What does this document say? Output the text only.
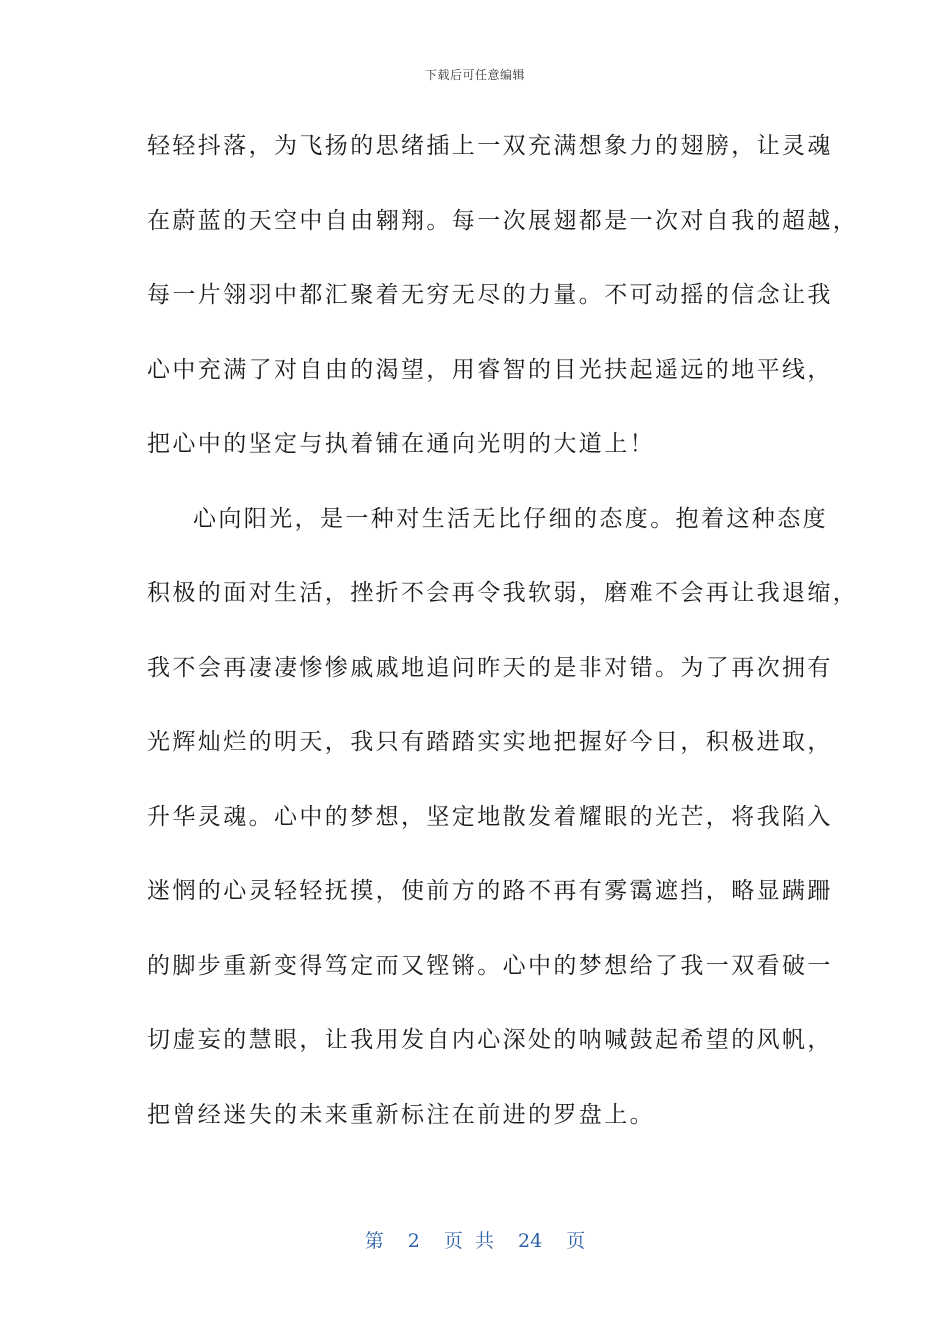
下载后可任意编辑
轻轻抖落，为飞扬的思绪插上一双充满想象力的翅膀，让灵魂
在蔚蓝的天空中自由翱翔。每一次展翅都是一次对自我的超越，
每一片翎羽中都汇聚着无穷无尽的力量。不可动摇的信念让我
心中充满了对自由的渴望，用睿智的目光扶起遥远的地平线，
把心中的坚定与执着铺在通向光明的大道上！
心向阳光，是一种对生活无比仔细的态度。抱着这种态度
积极的面对生活，挫折不会再令我软弱，磨难不会再让我退缩，
我不会再凄凄惨惨戚戚地追问昨天的是非对错。为了再次拥有
光辉灿烂的明天，我只有踏踏实实地把握好今日，积极进取，
升华灵魂。心中的梦想，坚定地散发着耀眼的光芒，将我陷入
迷惘的心灵轻轻抚摸，使前方的路不再有雾霭遮挡，略显蹒跚
的脚步重新变得笃定而又铿锵。心中的梦想给了我一双看破一
切虚妄的慧眼，让我用发自内心深处的呐喊鼓起希望的风帆，
把曾经迷失的未来重新标注在前进的罗盘上。
第 2 页 共 24 页
